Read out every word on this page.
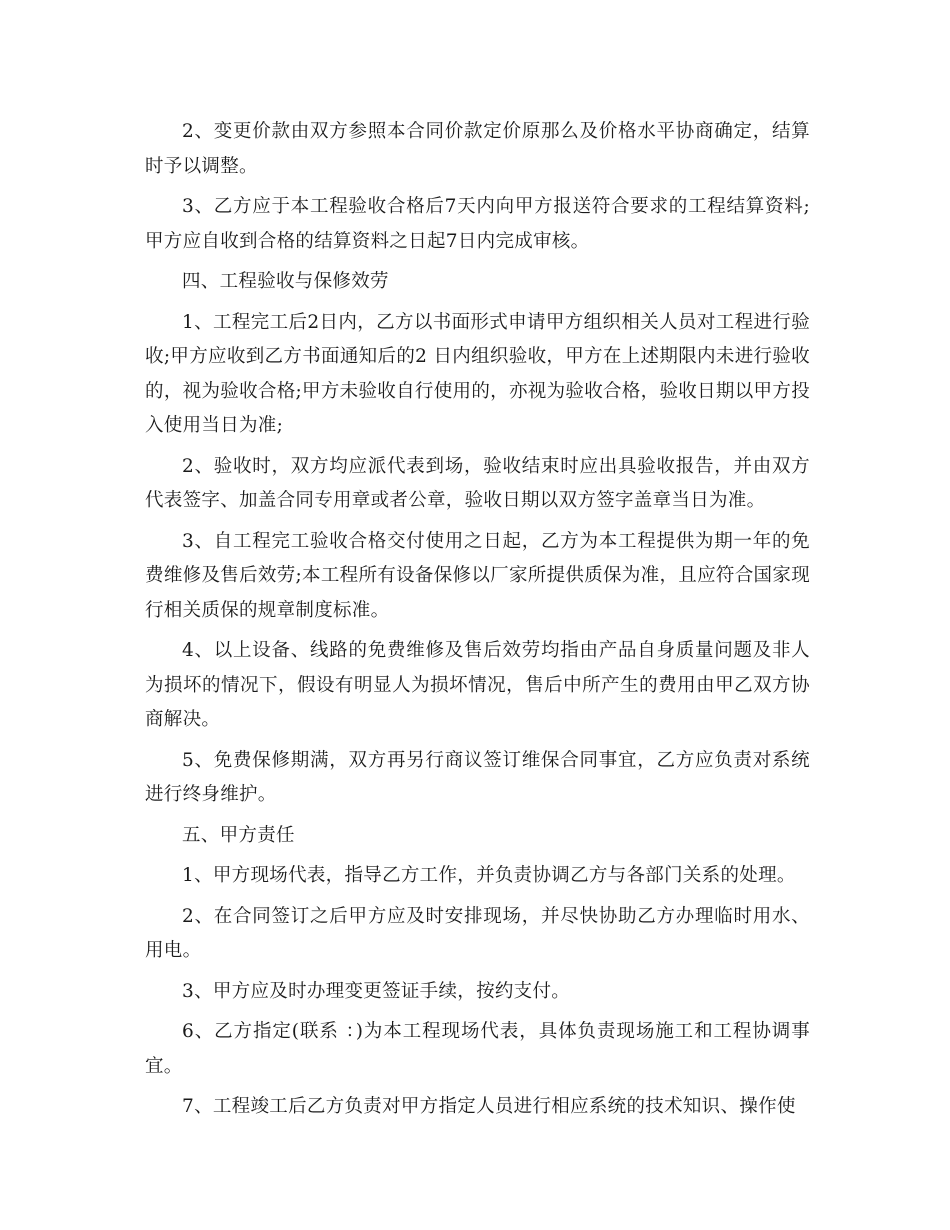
2、变更价款由双方参照本合同价款定价原那么及价格水平协商确定，结算时予以调整。

3、乙方应于本工程验收合格后7天内向甲方报送符合要求的工程结算资料;甲方应自收到合格的结算资料之日起7日内完成审核。

四、工程验收与保修效劳

1、工程完工后2日内，乙方以书面形式申请甲方组织相关人员对工程进行验收;甲方应收到乙方书面通知后的2 日内组织验收，甲方在上述期限内未进行验收的，视为验收合格;甲方未验收自行使用的，亦视为验收合格，验收日期以甲方投入使用当日为准;

2、验收时，双方均应派代表到场，验收结束时应出具验收报告，并由双方代表签字、加盖合同专用章或者公章，验收日期以双方签字盖章当日为准。

3、自工程完工验收合格交付使用之日起，乙方为本工程提供为期一年的免费维修及售后效劳;本工程所有设备保修以厂家所提供质保为准，且应符合国家现行相关质保的规章制度标准。

4、以上设备、线路的免费维修及售后效劳均指由产品自身质量问题及非人为损坏的情况下，假设有明显人为损坏情况，售后中所产生的费用由甲乙双方协商解决。

5、免费保修期满，双方再另行商议签订维保合同事宜，乙方应负责对系统进行终身维护。

五、甲方责任

1、甲方现场代表，指导乙方工作，并负责协调乙方与各部门关系的处理。

2、在合同签订之后甲方应及时安排现场，并尽快协助乙方办理临时用水、用电。

3、甲方应及时办理变更签证手续，按约支付。

6、乙方指定(联系 ：)为本工程现场代表，具体负责现场施工和工程协调事宜。

7、工程竣工后乙方负责对甲方指定人员进行相应系统的技术知识、操作使
